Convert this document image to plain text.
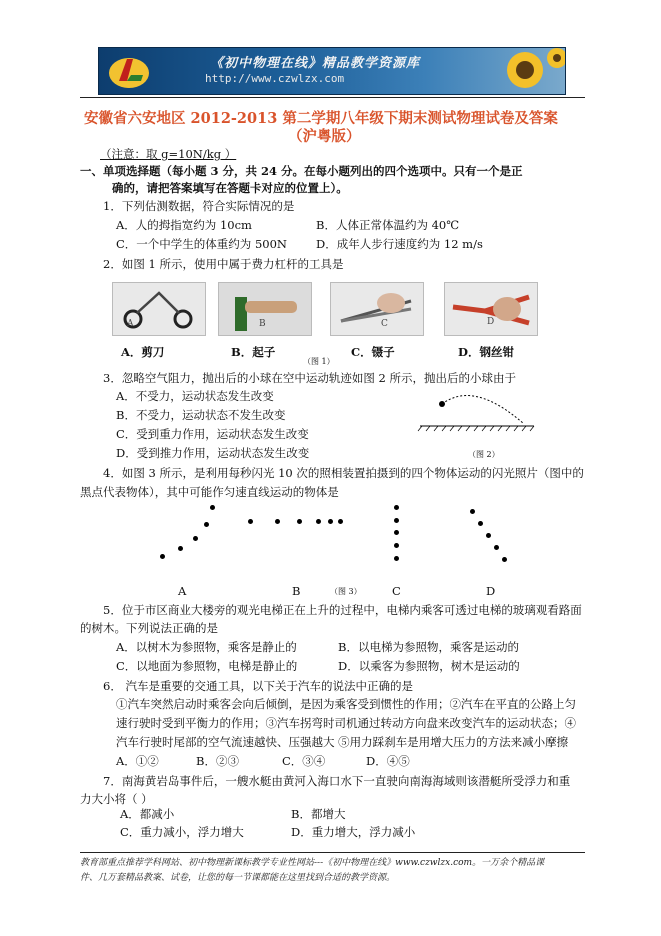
《初中物理在线》精品教学资源库
http://www.czwlzx.com
安徽省六安地区 2012-2013 第二学期八年级下期末测试物理试卷及答案
（沪粤版）
（注意：取 g=10N/kg ）
一、单项选择题（每小题 3 分，共 24 分。在每小题列出的四个选项中。只有一个是正
确的，请把答案填写在答题卡对应的位置上）。
1．下列估测数据，符合实际情况的是
A．人的拇指宽约为 10cm	B．人体正常体温约为 40℃
C．一个中学生的体重约为 500N	D．成年人步行速度约为 12 m/s
2．如图 1 所示，使用中属于费力杠杆的工具是
A	B	C	D
A．剪刀	B．起子	C．镊子	D．钢丝钳
（图 1）
3．忽略空气阻力，抛出后的小球在空中运动轨迹如图 2 所示，抛出后的小球由于
A．不受力，运动状态发生改变
B．不受力，运动状态不发生改变
C．受到重力作用，运动状态发生改变
D．受到推力作用，运动状态发生改变	（图 2）
4．如图 3 所示，是利用每秒闪光 10 次的照相装置拍摄到的四个物体运动的闪光照片（图中的
黑点代表物体），其中可能作匀速直线运动的物体是
A	B	（图 3）	C	D
5．位于市区商业大楼旁的观光电梯正在上升的过程中，电梯内乘客可透过电梯的玻璃观看路面
的树木。下列说法正确的是
A．以树木为参照物，乘客是静止的	B．以电梯为参照物，乘客是运动的
C．以地面为参照物，电梯是静止的	D．以乘客为参照物，树木是运动的
6． 汽车是重要的交通工具，以下关于汽车的说法中正确的是
①汽车突然启动时乘客会向后倾倒，是因为乘客受到惯性的作用；②汽车在平直的公路上匀
速行驶时受到平衡力的作用；③汽车拐弯时司机通过转动方向盘来改变汽车的运动状态；④
汽车行驶时尾部的空气流速越快、压强越大 ⑤用力踩刹车是用增大压力的方法来减小摩擦
A．①②	B．②③	C．③④	D．④⑤
7．南海黄岩岛事件后，一艘水艇由黄河入海口水下一直驶向南海海域则该潜艇所受浮力和重
力大小将（ ）
A．都减小	B．都增大
C．重力减小，浮力增大	D．重力增大，浮力减小
教育部重点推荐学科网站、初中物理新课标教学专业性网站---《初中物理在线》www.czwlzx.com。一万余个精品课
件、几万套精品教案、试卷，让您的每一节课都能在这里找到合适的教学资源。
